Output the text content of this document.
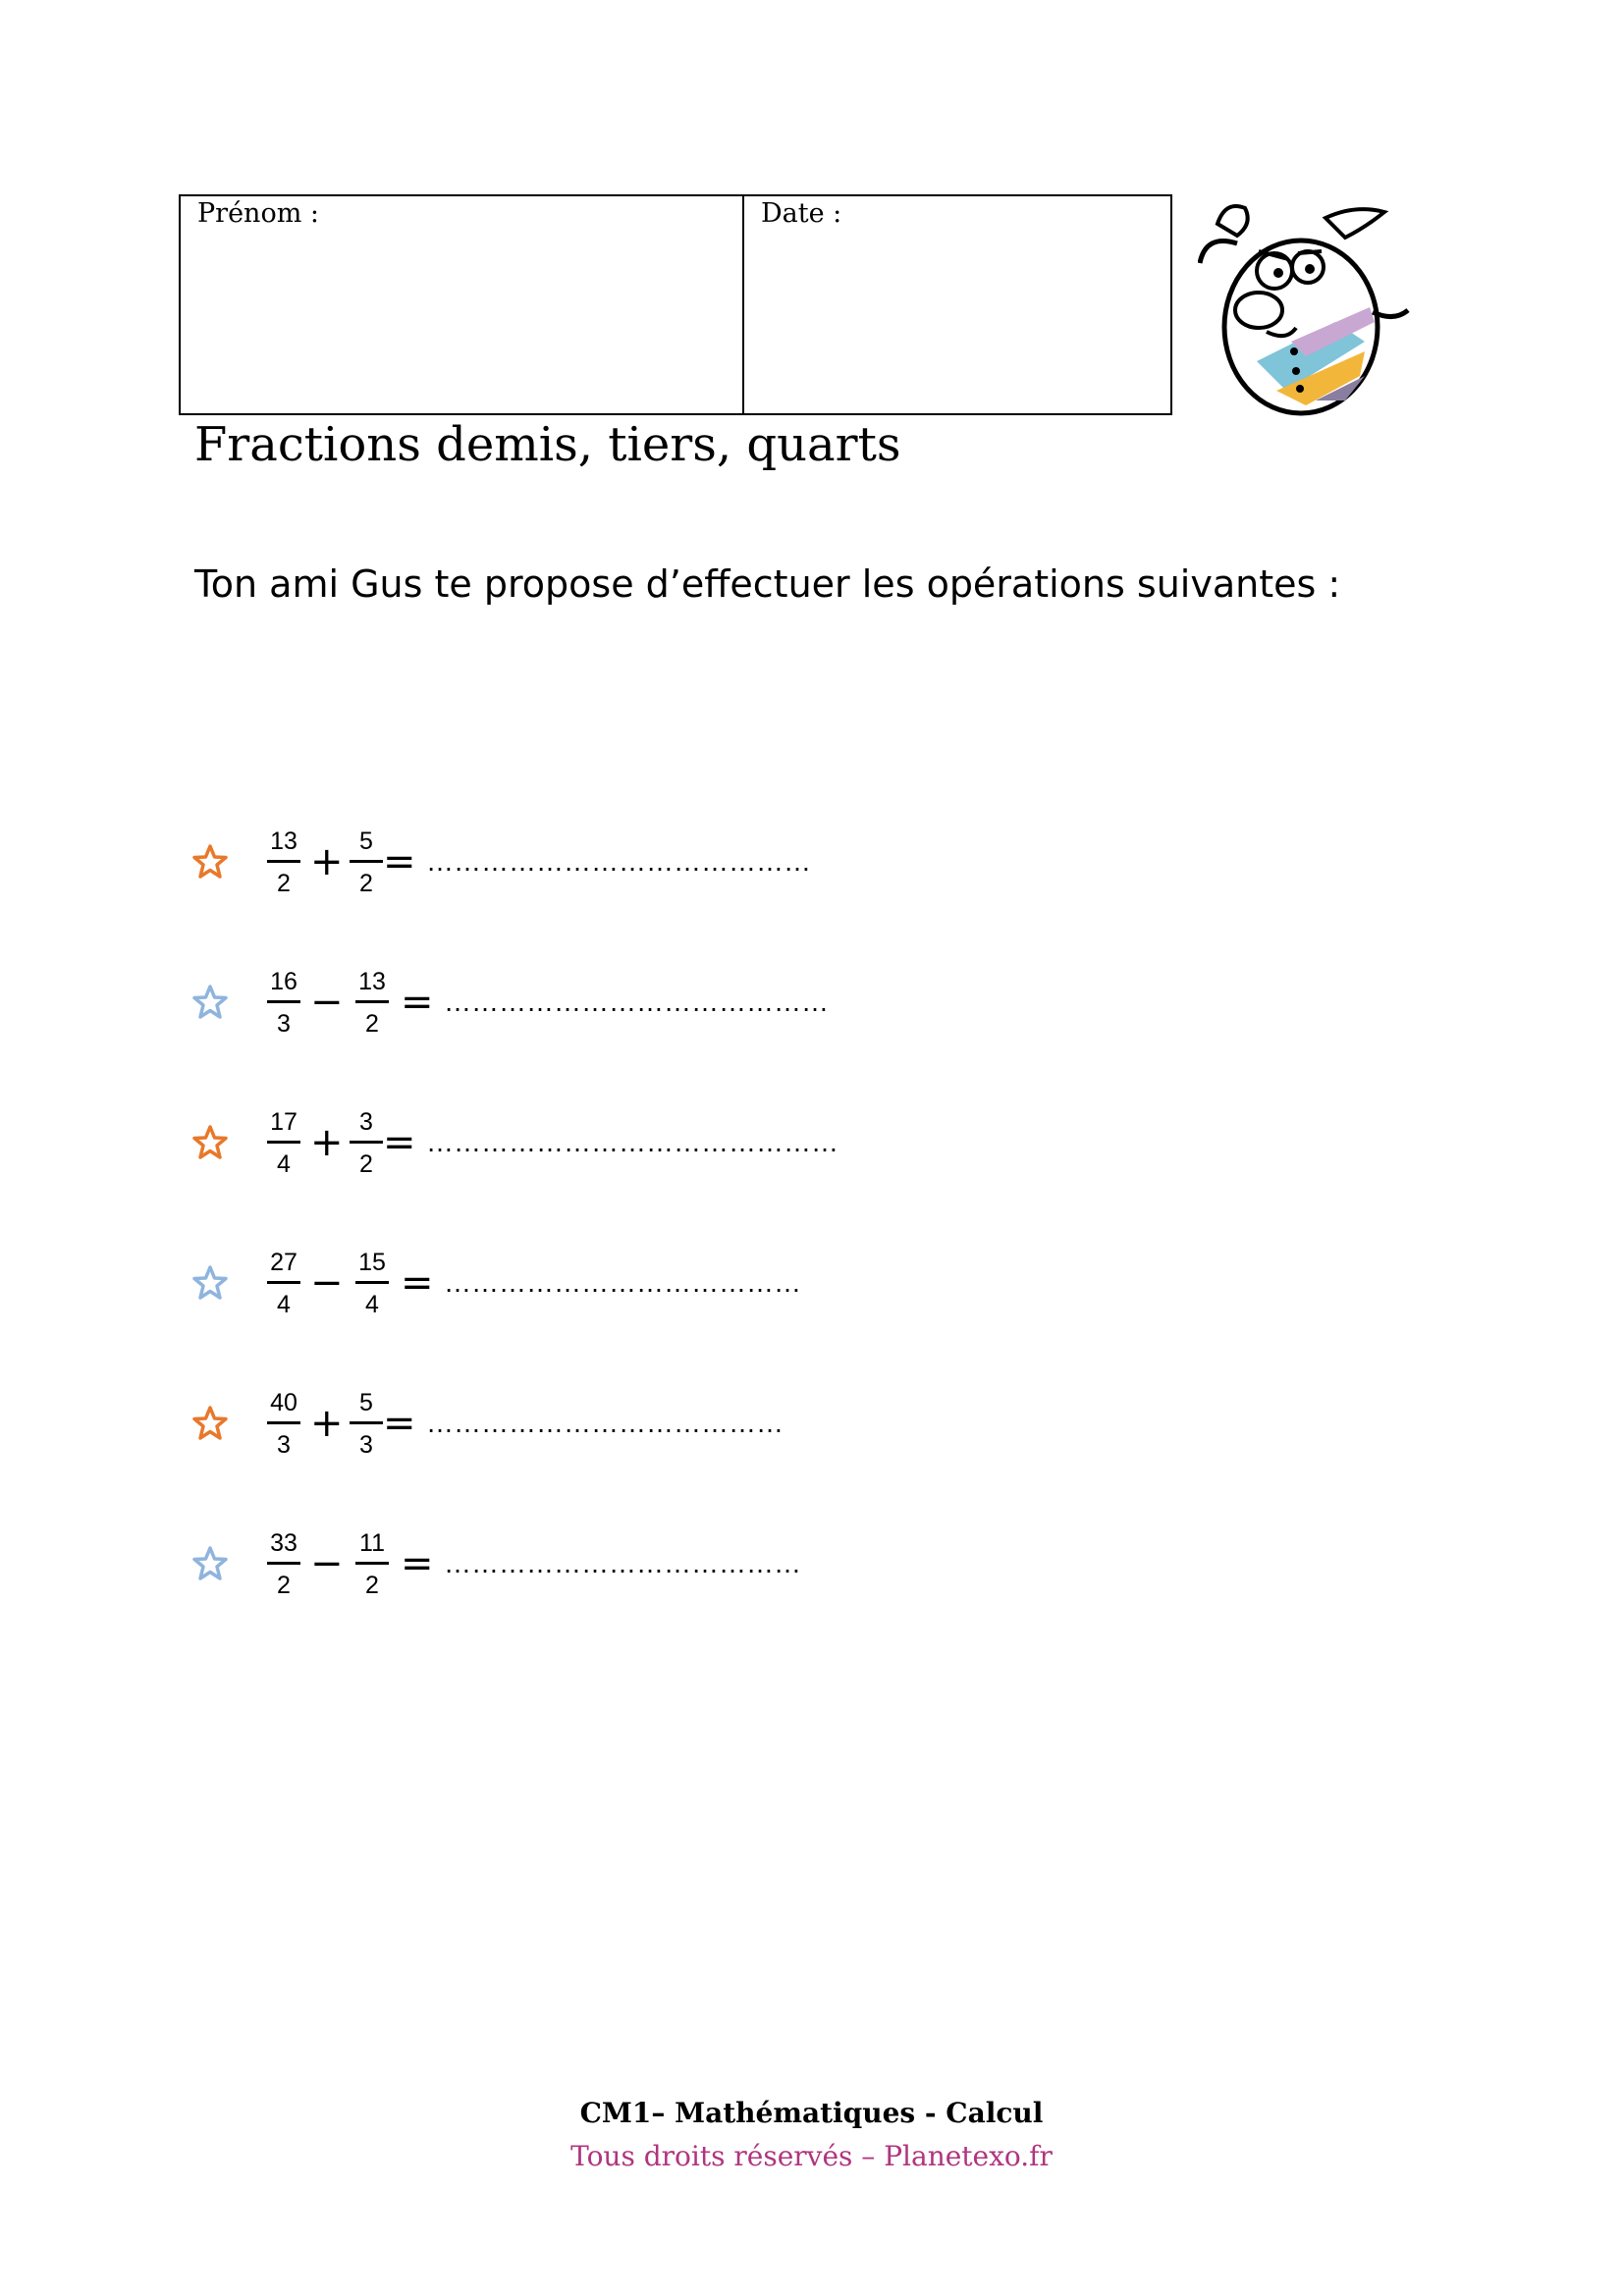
Prénom :	Date :
Fractions demis, tiers, quarts
Ton ami Gus te propose d’effectuer les opérations suivantes :
13
2 + 5
2 = ……………………………………
16
3 − 13
2 = ……………………………………
17
4 + 3
2 = ………………………………………
27
4 − 15
4 = …………………………………
40
3 + 5
3 = …………………………………
33
2 − 11
2 = …………………………………
CM1– Mathématiques - Calcul
Tous droits réservés – Planetexo.fr
